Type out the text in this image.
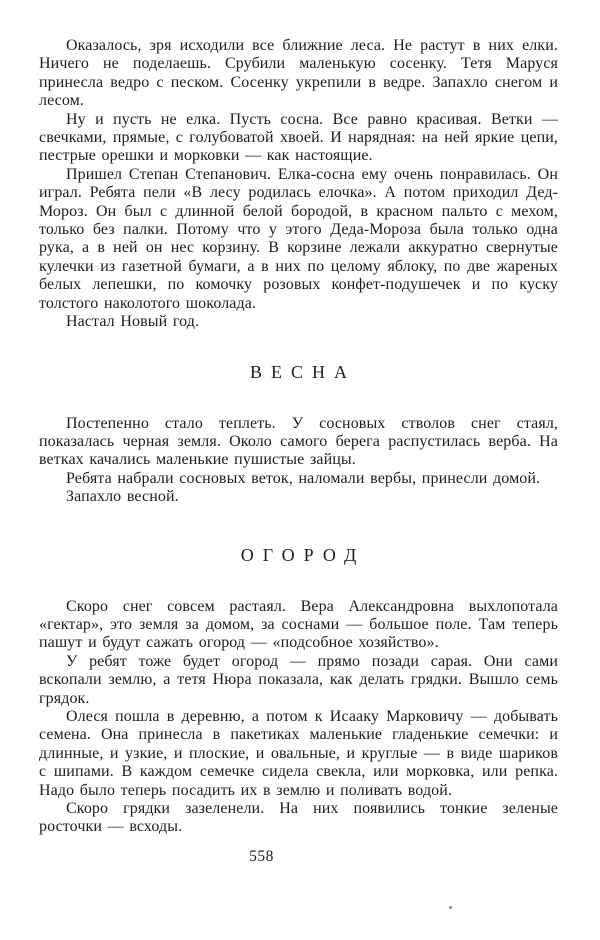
Оказалось, зря исходили все ближние леса. Не растут в них елки. Ничего не поделаешь. Срубили маленькую сосенку. Тетя Маруся принесла ведро с песком. Сосенку укрепили в ведре. Запахло снегом и лесом.

Ну и пусть не елка. Пусть сосна. Все равно красивая. Ветки — свечками, прямые, с голубоватой хвоей. И нарядная: на ней яркие цепи, пестрые орешки и морковки — как настоящие.

Пришел Степан Степанович. Елка-сосна ему очень понравилась. Он играл. Ребята пели «В лесу родилась елочка». А потом приходил Дед-Мороз. Он был с длинной белой бородой, в красном пальто с мехом, только без палки. Потому что у этого Деда-Мороза была только одна рука, а в ней он нес корзину. В корзине лежали аккуратно свернутые кулечки из газетной бумаги, а в них по целому яблоку, по две жареных белых лепешки, по комочку розовых конфет-подушечек и по куску толстого наколотого шоколада.

Настал Новый год.

ВЕСНА

Постепенно стало теплеть. У сосновых стволов снег стаял, показалась черная земля. Около самого берега распустилась верба. На ветках качались маленькие пушистые зайцы.

Ребята набрали сосновых веток, наломали вербы, принесли домой.

Запахло весной.

ОГОРОД

Скоро снег совсем растаял. Вера Александровна выхлопотала «гектар», это земля за домом, за соснами — большое поле. Там теперь пашут и будут сажать огород — «подсобное хозяйство».

У ребят тоже будет огород — прямо позади сарая. Они сами вскопали землю, а тетя Нюра показала, как делать грядки. Вышло семь грядок.

Олеся пошла в деревню, а потом к Исааку Марковичу — добывать семена. Она принесла в пакетиках маленькие гладенькие семечки: и длинные, и узкие, и плоские, и овальные, и круглые — в виде шариков с шипами. В каждом семечке сидела свекла, или морковка, или репка. Надо было теперь посадить их в землю и поливать водой.

Скоро грядки зазеленели. На них появились тонкие зеленые росточки — всходы.

558
